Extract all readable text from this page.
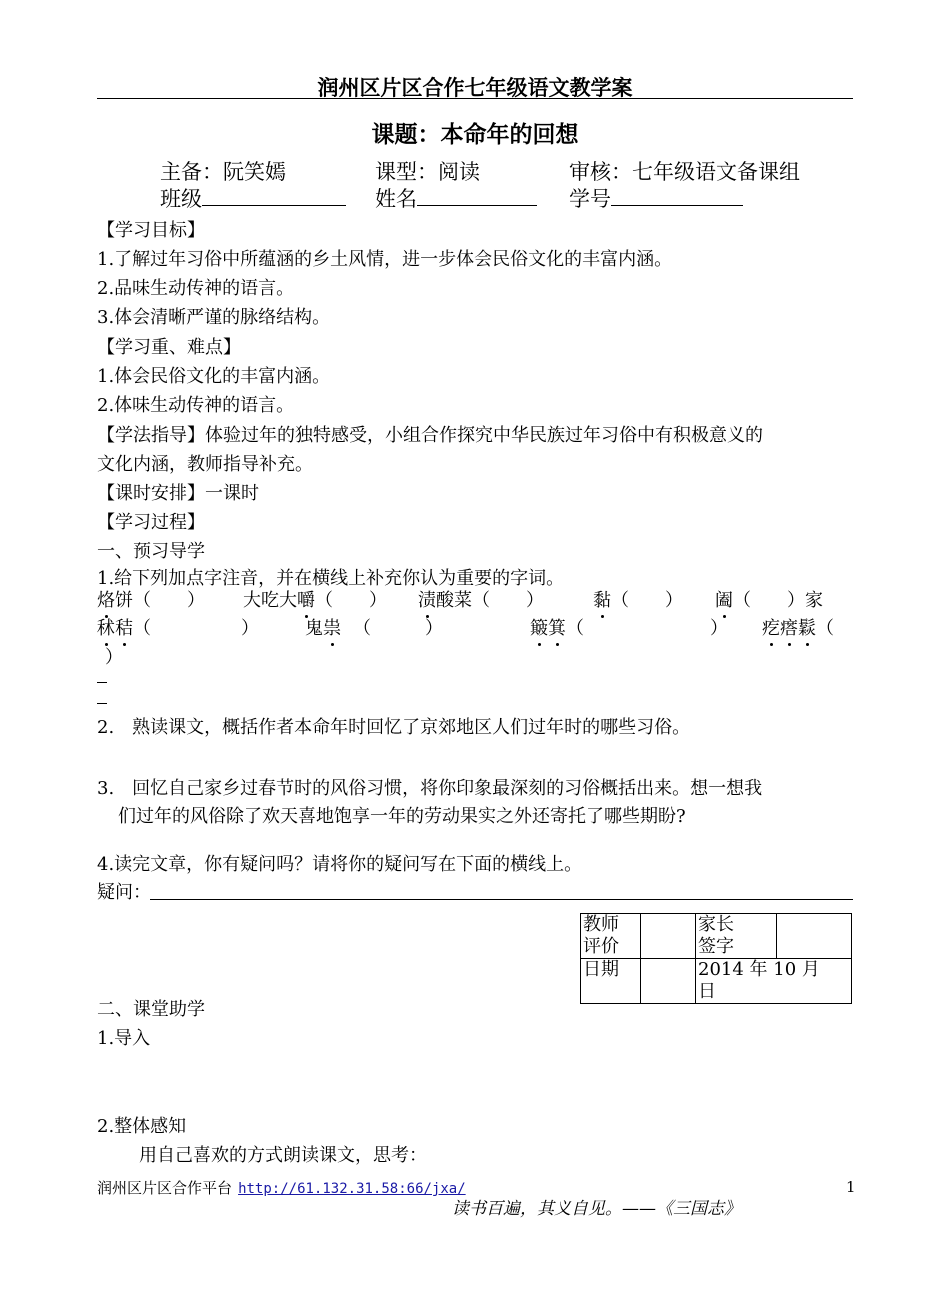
润州区片区合作七年级语文教学案
课题：本命年的回想
主备：阮笑嫣	课型：阅读	审核：七年级语文备课组
班级	姓名	学号
【学习目标】
1.了解过年习俗中所蕴涵的乡土风情，进一步体会民俗文化的丰富内涵。
2.品味生动传神的语言。
3.体会清晰严谨的脉络结构。
【学习重、难点】
1.体会民俗文化的丰富内涵。
2.体味生动传神的语言。
【学法指导】体验过年的独特感受，小组合作探究中华民族过年习俗中有积极意义的
文化内涵，教师指导补充。
【课时安排】一课时
【学习过程】
一、预习导学
1.给下列加点字注音，并在横线上补充你认为重要的字词。
烙饼（　　） 大吃大嚼（　　） 渍酸菜（　　）	黏（　　） 阖（　　）家
秫秸（　　　　　）	鬼祟 （　　　）	簸箕（　　　　　　　） 疙瘩鬏（
）
2.　熟读课文，概括作者本命年时回忆了京郊地区人们过年时的哪些习俗。
3.　回忆自己家乡过春节时的风俗习惯，将你印象最深刻的习俗概括出来。想一想我
们过年的风俗除了欢天喜地饱享一年的劳动果实之外还寄托了哪些期盼?
4.读完文章，你有疑问吗？请将你的疑问写在下面的横线上。
疑问：
教师
评价		家长
签字	
日期		2014 年 10 月　日	
二、课堂助学
1.导入
2.整体感知
用自己喜欢的方式朗读课文，思考：
润州区片区合作平台 http://61.132.31.58:66/jxa/	1
读书百遍，其义自见。——《三国志》
